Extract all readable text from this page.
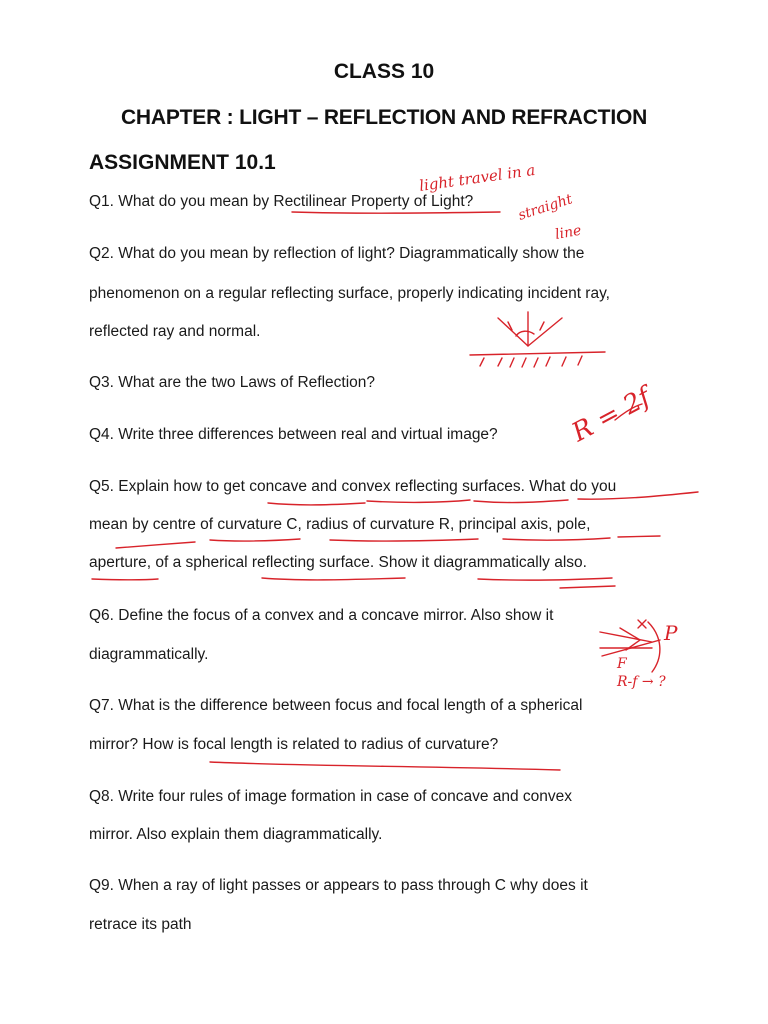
CLASS 10
CHAPTER : LIGHT – REFLECTION AND REFRACTION
ASSIGNMENT 10.1
Q1. What do you mean by Rectilinear Property of Light?
Q2. What do you mean by reflection of light? Diagrammatically show the
phenomenon on a regular reflecting surface, properly indicating incident ray,
reflected ray and normal.
Q3. What are the two Laws of Reflection?
Q4. Write three differences between real and virtual image?
Q5. Explain how to get concave and convex reflecting surfaces. What do you
mean by centre of curvature C, radius of curvature R, principal axis, pole,
aperture, of a spherical reflecting surface. Show it diagrammatically also.
Q6. Define the focus of a convex and a concave mirror. Also show it
diagrammatically.
Q7. What is the difference between focus and focal length of a spherical
mirror? How is focal length is related to radius of curvature?
Q8. Write four rules of image formation in case of concave and convex
mirror. Also explain them diagrammatically.
Q9. When a ray of light passes or appears to pass through C why does it
retrace its path
light travel in a
straight
line
R = 2f
P
F
R-f → ?
